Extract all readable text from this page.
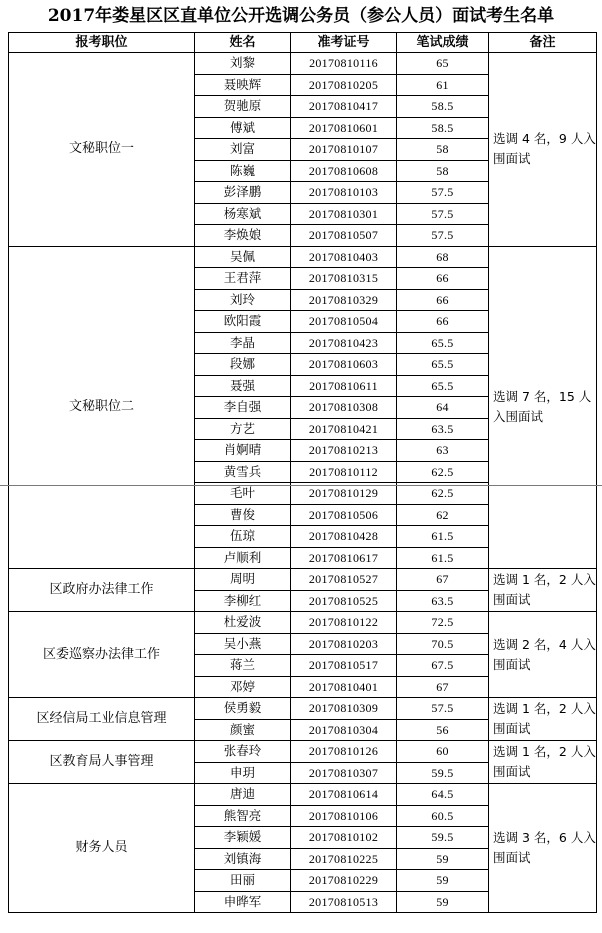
2017年娄星区区直单位公开选调公务员（参公人员）面试考生名单
报考职位	姓名	准考证号	笔试成绩	备注
文秘职位一	刘黎	20170810116	65	选调 4 名，9 人入围面试
	聂映辉	20170810205	61	
	贺驰原	20170810417	58.5	
	傅斌	20170810601	58.5	
	刘富	20170810107	58	
	陈巍	20170810608	58	
	彭泽鹏	20170810103	57.5	
	杨寒斌	20170810301	57.5	
	李焕娘	20170810507	57.5	
文秘职位二	吴佩	20170810403	68	选调 7 名，15 人入围面试
	王君萍	20170810315	66	
	刘玲	20170810329	66	
	欧阳霞	20170810504	66	
	李晶	20170810423	65.5	
	段娜	20170810603	65.5	
	聂强	20170810611	65.5	
	李自强	20170810308	64	
	方艺	20170810421	63.5	
	肖婀晴	20170810213	63	
	黄雪兵	20170810112	62.5	
	毛叶	20170810129	62.5	
	曹俊	20170810506	62	
	伍琼	20170810428	61.5	
	卢顺利	20170810617	61.5	
区政府办法律工作	周明	20170810527	67	选调 1 名，2 人入围面试
	李柳红	20170810525	63.5	
区委巡察办法律工作	杜爱波	20170810122	72.5	选调 2 名，4 人入围面试
	吴小燕	20170810203	70.5	
	蒋兰	20170810517	67.5	
	邓婷	20170810401	67	
区经信局工业信息管理	侯勇毅	20170810309	57.5	选调 1 名，2 人入围面试
	颜蜜	20170810304	56	
区教育局人事管理	张春玲	20170810126	60	选调 1 名，2 人入围面试
	申玥	20170810307	59.5	
财务人员	唐迪	20170810614	64.5	选调 3 名，6 人入围面试
	熊智亮	20170810106	60.5	
	李颖媛	20170810102	59.5	
	刘镇海	20170810225	59	
	田丽	20170810229	59	
	申晔军	20170810513	59	
